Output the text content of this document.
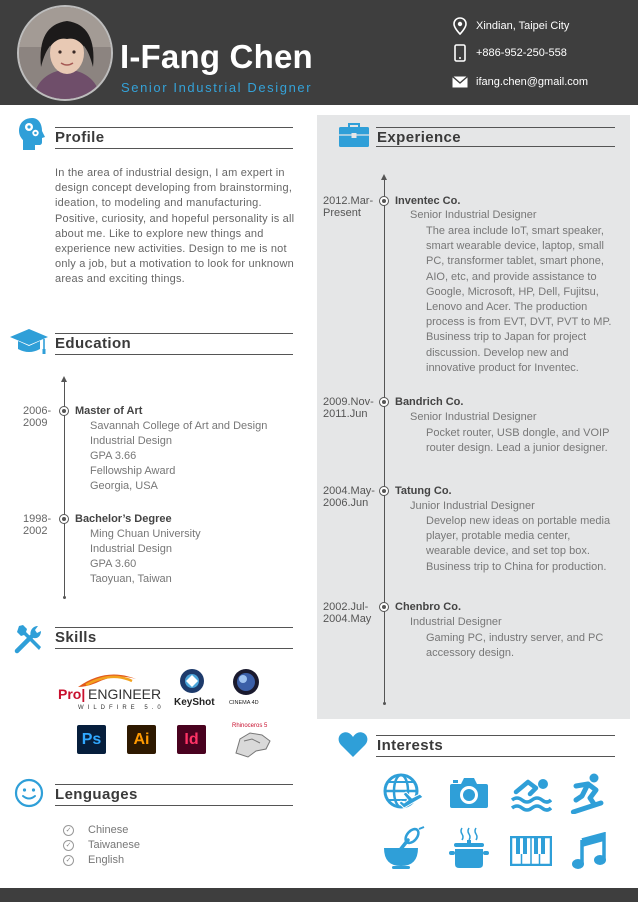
I-Fang Chen
Senior Industrial Designer
Xindian, Taipei City
+886-952-250-558
ifang.chen@gmail.com
Profile
In the area of industrial design, I am expert in
design concept developing from brainstorming,
ideation, to modeling and manufacturing.
Positive, curiosity, and hopeful personality is all
about me. Like to explore new things and
experience new activities. Design to me is not
only a job, but a motivation to look for unknown
areas and exciting things.
Education
2006-
2009
Master of Art
Savannah College of Art and Design
Industrial Design
GPA 3.66
Fellowship Award
Georgia, USA
1998-
2002
Bachelor’s Degree
Ming Chuan University
Industrial Design
GPA 3.60
Taoyuan, Taiwan
Skills
Pro| ENGINEER
WILDFIRE 5.0 KeyShot	CINEMA 4D
Ps	Ai	Id
Rhinoceros 5
Lenguages
✓ Chinese
✓ Taiwanese
✓ English
Experience
2012.Mar-
Present
Inventec Co.
Senior Industrial Designer
The area include IoT, smart speaker,
smart wearable device, laptop, small
PC, transformer tablet, smart phone,
AIO, etc, and provide assistance to
Google, Microsoft, HP, Dell, Fujitsu,
Lenovo and Acer. The production
process is from EVT, DVT, PVT to MP.
Business trip to Japan for project
discussion. Develop new and
innovative product for Inventec.
2009.Nov-
2011.Jun
Bandrich Co.
Senior Industrial Designer
Pocket router, USB dongle, and VOIP
router design. Lead a junior designer.
2004.May-
2006.Jun
Tatung Co.
Junior Industrial Designer
Develop new ideas on portable media
player, protable media center,
wearable device, and set top box.
Business trip to China for production.
2002.Jul-
2004.May
Chenbro Co.
Industrial Designer
Gaming PC, industry server, and PC
accessory design.
Interests
